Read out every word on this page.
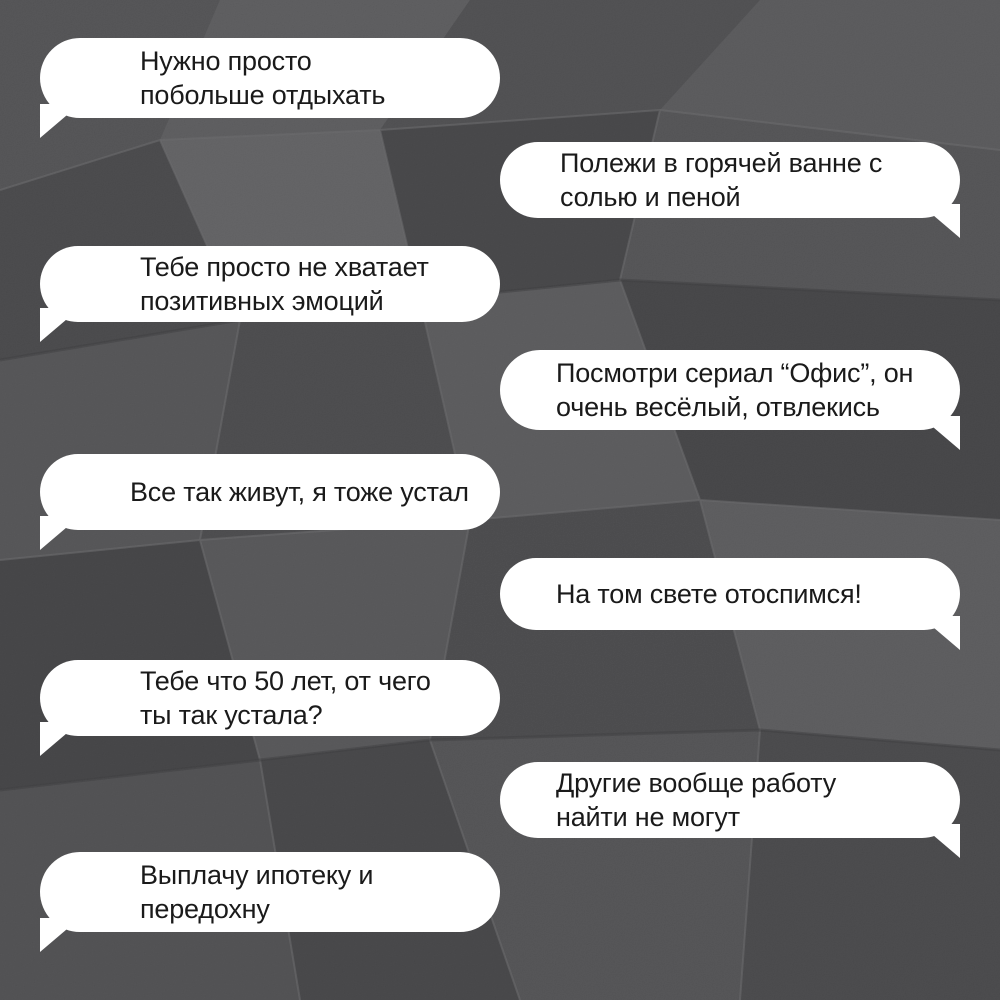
Нужно просто
побольше отдыхать
Полежи в горячей ванне с
солью и пеной
Тебе просто не хватает
позитивных эмоций
Посмотри сериал “Офис”, он
очень весёлый, отвлекись
Все так живут, я тоже устал
На том свете отоспимся!
Тебе что 50 лет, от чего
ты так устала?
Другие вообще работу
найти не могут
Выплачу ипотеку и
передохну
